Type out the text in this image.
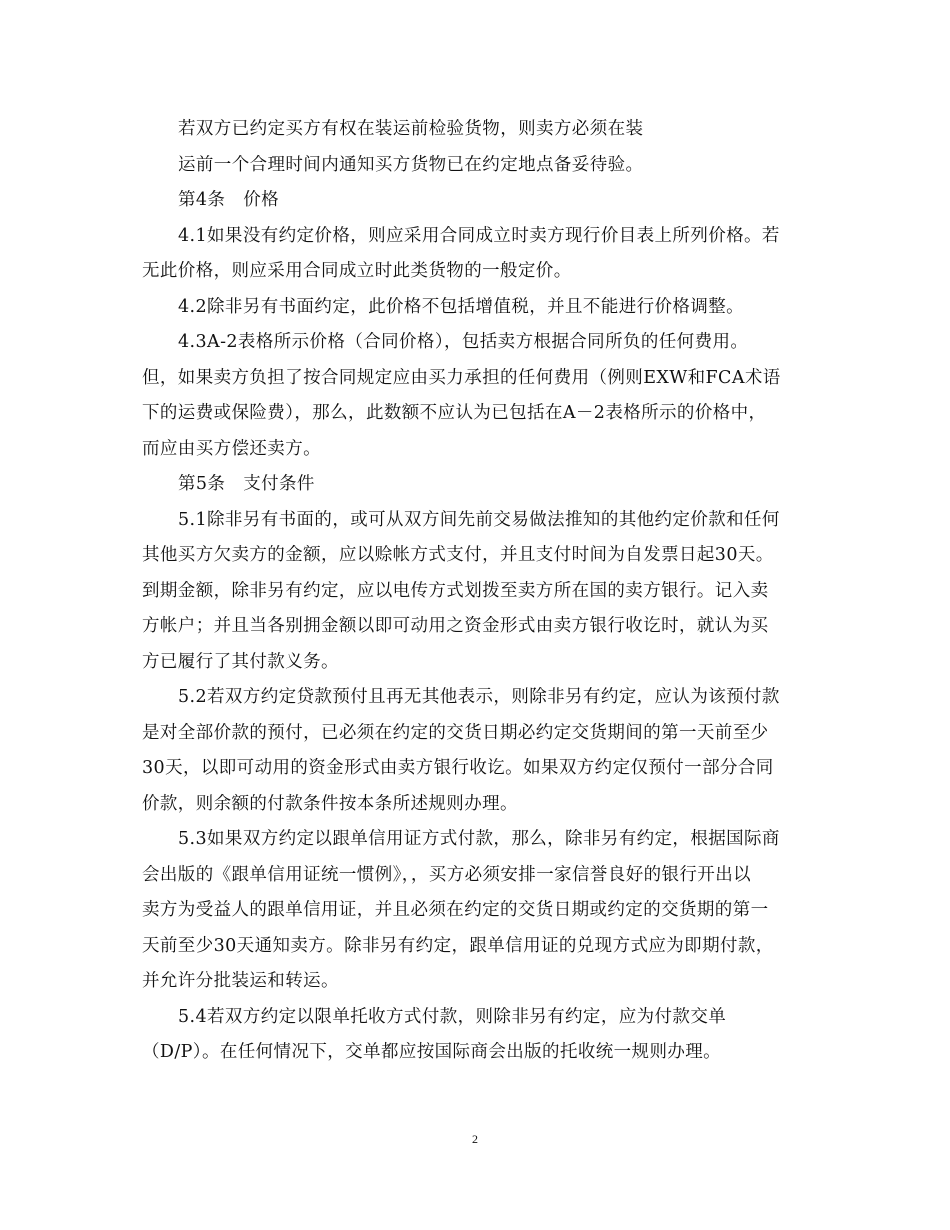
若双方已约定买方有权在装运前检验货物，则卖方必须在装
运前一个合理时间内通知买方货物已在约定地点备妥待验。
第4条　价格
4.1如果没有约定价格，则应采用合同成立时卖方现行价目表上所列价格。若
无此价格，则应采用合同成立时此类货物的一般定价。
4.2除非另有书面约定，此价格不包括增值税，并且不能进行价格调整。
4.3A-2表格所示价格（合同价格），包括卖方根据合同所负的任何费用。
但，如果卖方负担了按合同规定应由买力承担的任何费用（例则EXW和FCA术语
下的运费或保险费），那么，此数额不应认为已包括在A－2表格所示的价格中，
而应由买方偿还卖方。
第5条　支付条件
5.1除非另有书面的，或可从双方间先前交易做法推知的其他约定价款和任何
其他买方欠卖方的金额，应以赊帐方式支付，并且支付时间为自发票日起30天。
到期金额，除非另有约定，应以电传方式划拨至卖方所在国的卖方银行。记入卖
方帐户；并且当各别拥金额以即可动用之资金形式由卖方银行收讫时，就认为买
方已履行了其付款义务。
5.2若双方约定贷款预付且再无其他表示，则除非另有约定，应认为该预付款
是对全部价款的预付，已必须在约定的交货日期必约定交货期间的第一天前至少
30天，以即可动用的资金形式由卖方银行收讫。如果双方约定仅预付一部分合同
价款，则余额的付款条件按本条所述规则办理。
5.3如果双方约定以跟单信用证方式付款，那么，除非另有约定，根据国际商
会出版的《跟单信用证统一惯例》，，买方必须安排一家信誉良好的银行开出以
卖方为受益人的跟单信用证，并且必须在约定的交货日期或约定的交货期的第一
天前至少30天通知卖方。除非另有约定，跟单信用证的兑现方式应为即期付款，
并允许分批装运和转运。
5.4若双方约定以限单托收方式付款，则除非另有约定，应为付款交单
（D/P）。在任何情况下，交单都应按国际商会出版的托收统一规则办理。
2
